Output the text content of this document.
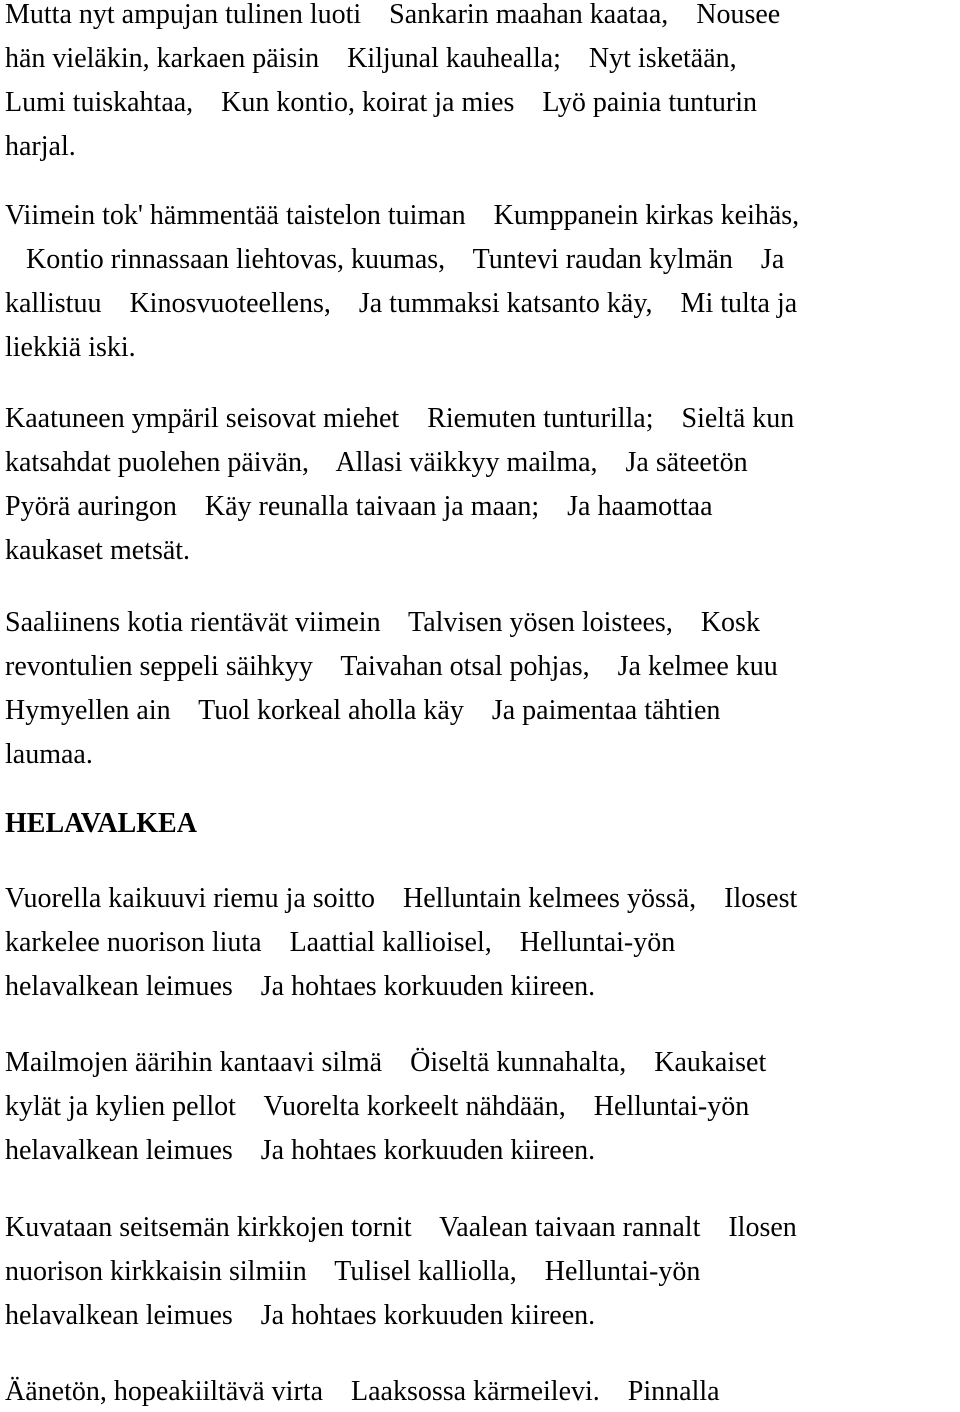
Mutta nyt ampujan tulinen luoti    Sankarin maahan kaataa,    Nousee
hän vieläkin, karkaen päisin    Kiljunal kauhealla;    Nyt isketään,
Lumi tuiskahtaa,    Kun kontio, koirat ja mies    Lyö painia tunturin
harjal.
Viimein tok' hämmentää taistelon tuiman    Kumppanein kirkas keihäs,
Kontio rinnassaan liehtovas, kuumas,    Tuntevi raudan kylmän    Ja
kallistuu    Kinosvuoteellens,    Ja tummaksi katsanto käy,    Mi tulta ja
liekkiä iski.
Kaatuneen ympäril seisovat miehet    Riemuten tunturilla;    Sieltä kun
katsahdat puolehen päivän,    Allasi väikkyy mailma,    Ja säteetön
Pyörä auringon    Käy reunalla taivaan ja maan;    Ja haamottaa
kaukaset metsät.
Saaliinens kotia rientävät viimein    Talvisen yösen loistees,    Kosk
revontulien seppeli säihkyy    Taivahan otsal pohjas,    Ja kelmee kuu
Hymyellen ain    Tuol korkeal aholla käy    Ja paimentaa tähtien
laumaa.
HELAVALKEA
Vuorella kaikuuvi riemu ja soitto    Helluntain kelmees yössä,    Ilosest
karkelee nuorison liuta    Laattial kallioisel,    Helluntai-yön
helavalkean leimues    Ja hohtaes korkuuden kiireen.
Mailmojen äärihin kantaavi silmä    Öiseltä kunnahalta,    Kaukaiset
kylät ja kylien pellot    Vuorelta korkeelt nähdään,    Helluntai-yön
helavalkean leimues    Ja hohtaes korkuuden kiireen.
Kuvataan seitsemän kirkkojen tornit    Vaalean taivaan rannalt    Ilosen
nuorison kirkkaisin silmiin    Tulisel kalliolla,    Helluntai-yön
helavalkean leimues    Ja hohtaes korkuuden kiireen.
Äänetön, hopeakiiltävä virta    Laaksossa kärmeilevi.    Pinnalla
